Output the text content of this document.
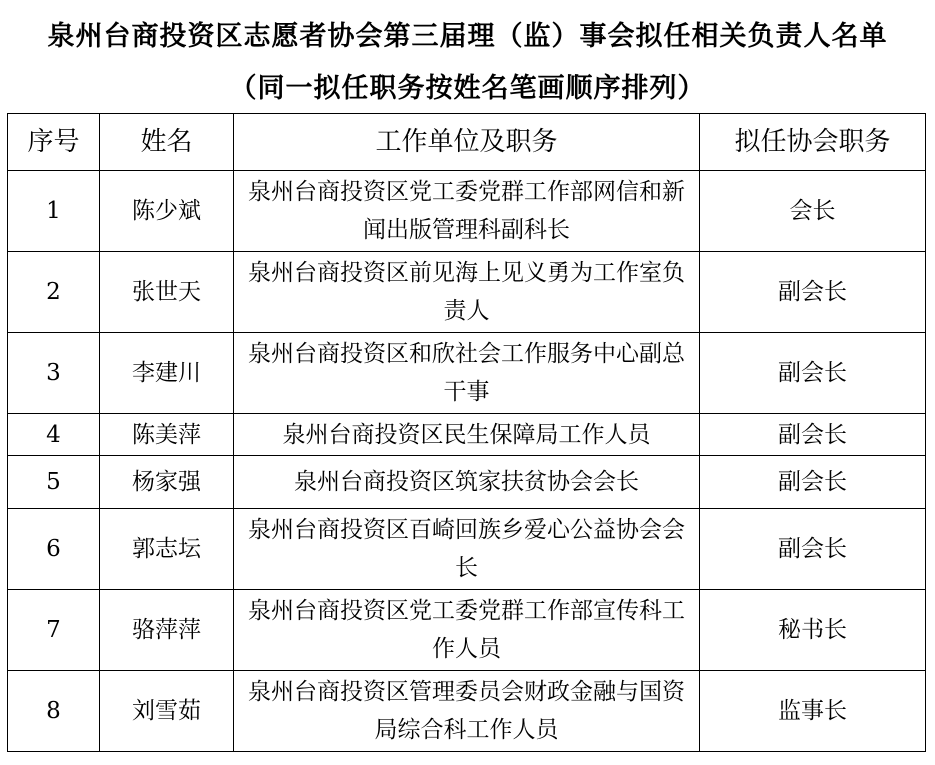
泉州台商投资区志愿者协会第三届理（监）事会拟任相关负责人名单
（同一拟任职务按姓名笔画顺序排列）
序号	姓名	工作单位及职务	拟任协会职务
1	陈少斌	泉州台商投资区党工委党群工作部网信和新闻出版管理科副科长	会长
2	张世天	泉州台商投资区前见海上见义勇为工作室负责人	副会长
3	李建川	泉州台商投资区和欣社会工作服务中心副总干事	副会长
4	陈美萍	泉州台商投资区民生保障局工作人员	副会长
5	杨家强	泉州台商投资区筑家扶贫协会会长	副会长
6	郭志坛	泉州台商投资区百崎回族乡爱心公益协会会长	副会长
7	骆萍萍	泉州台商投资区党工委党群工作部宣传科工作人员	秘书长
8	刘雪茹	泉州台商投资区管理委员会财政金融与国资局综合科工作人员	监事长
